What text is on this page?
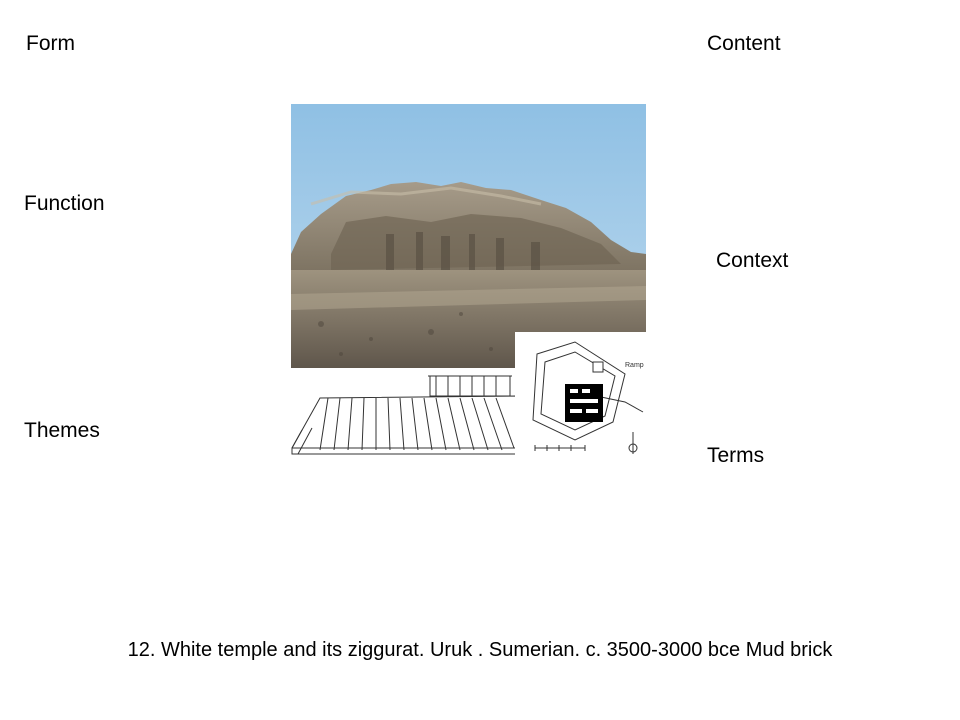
Form	Content
Function
Context
Themes
Terms
Ramp
12. White temple and its ziggurat. Uruk . Sumerian. c. 3500-3000 bce Mud brick
